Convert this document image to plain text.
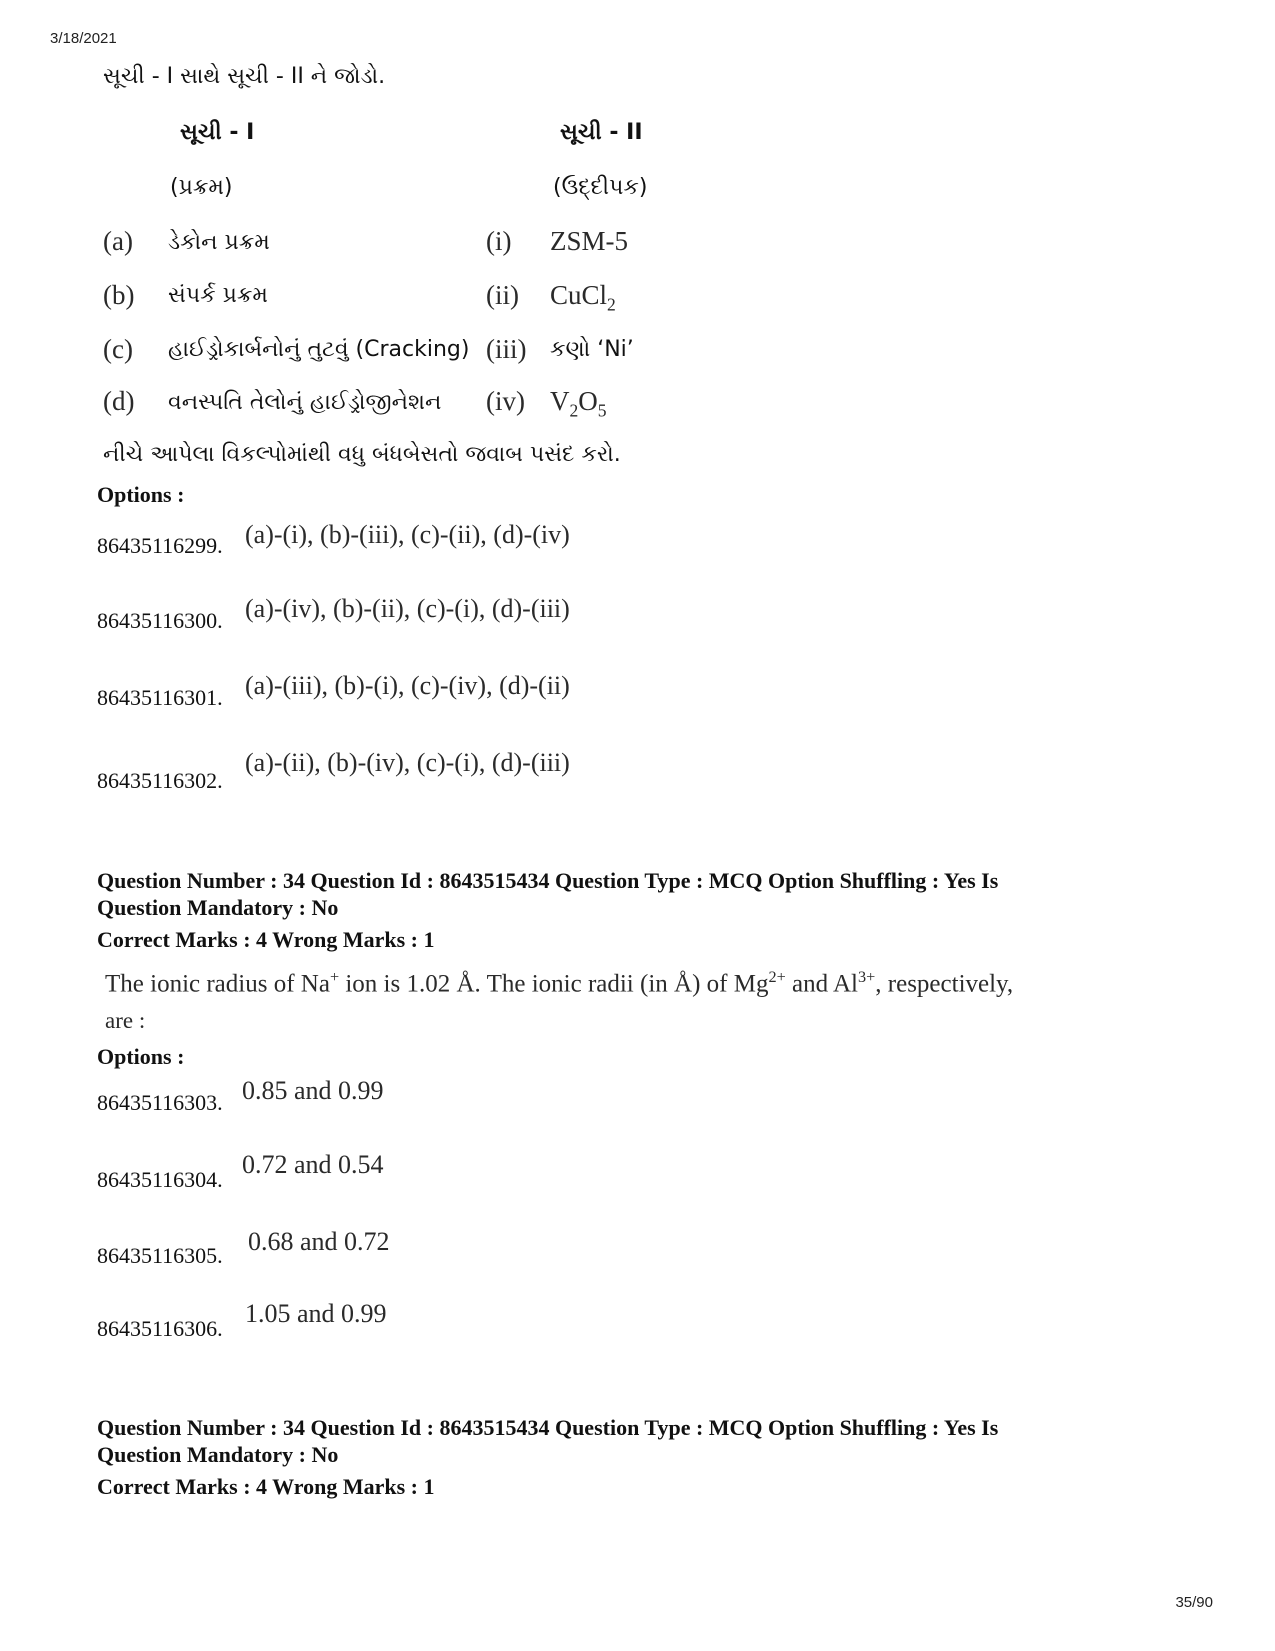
3/18/2021
સૂચી - I સાથે સૂચી - II ને જોડો.
સૂચી - I	સૂચી - II
(પ્રક્રમ)	(ઉદ્દીપક)
(a) ડેકોન પ્રક્રમ	(i) ZSM-5
(b) સંપર્ક પ્રક્રમ	(ii) CuCl$_2$
(c) હાઈડ્રોકાર્બનોનું તુટવું (Cracking) (iii) કણો ‘Ni’
(d) વનસ્પતિ તેલોનું હાઈડ્રોજીનેશન (iv) $V_2O_5$
નીચે આપેલા વિકલ્પોમાંથી વધુ બંધબેસતો જવાબ પસંદ કરો.
Options :
86435116299. (a)-(i), (b)-(iii), (c)-(ii), (d)-(iv)
86435116300. (a)-(iv), (b)-(ii), (c)-(i), (d)-(iii)
86435116301. (a)-(iii), (b)-(i), (c)-(iv), (d)-(ii)
86435116302.
(a)-(ii), (b)-(iv), (c)-(i), (d)-(iii)
Question Number : 34 Question Id : 8643515434 Question Type : MCQ Option Shuffling : Yes Is
Question Mandatory : No
Correct Marks : 4 Wrong Marks : 1
The ionic radius of Na+ ion is 1.02 Å. The ionic radii (in Å) of $Mg^{2+}$ and $Al^{3+}$, respectively,
are :
Options :
86435116303. 0.85 and 0.99
86435116304.
0.72 and 0.54
86435116305. 0.68 and 0.72
86435116306.
1.05 and 0.99
Question Number : 34 Question Id : 8643515434 Question Type : MCQ Option Shuffling : Yes Is
Question Mandatory : No
Correct Marks : 4 Wrong Marks : 1
35/90
